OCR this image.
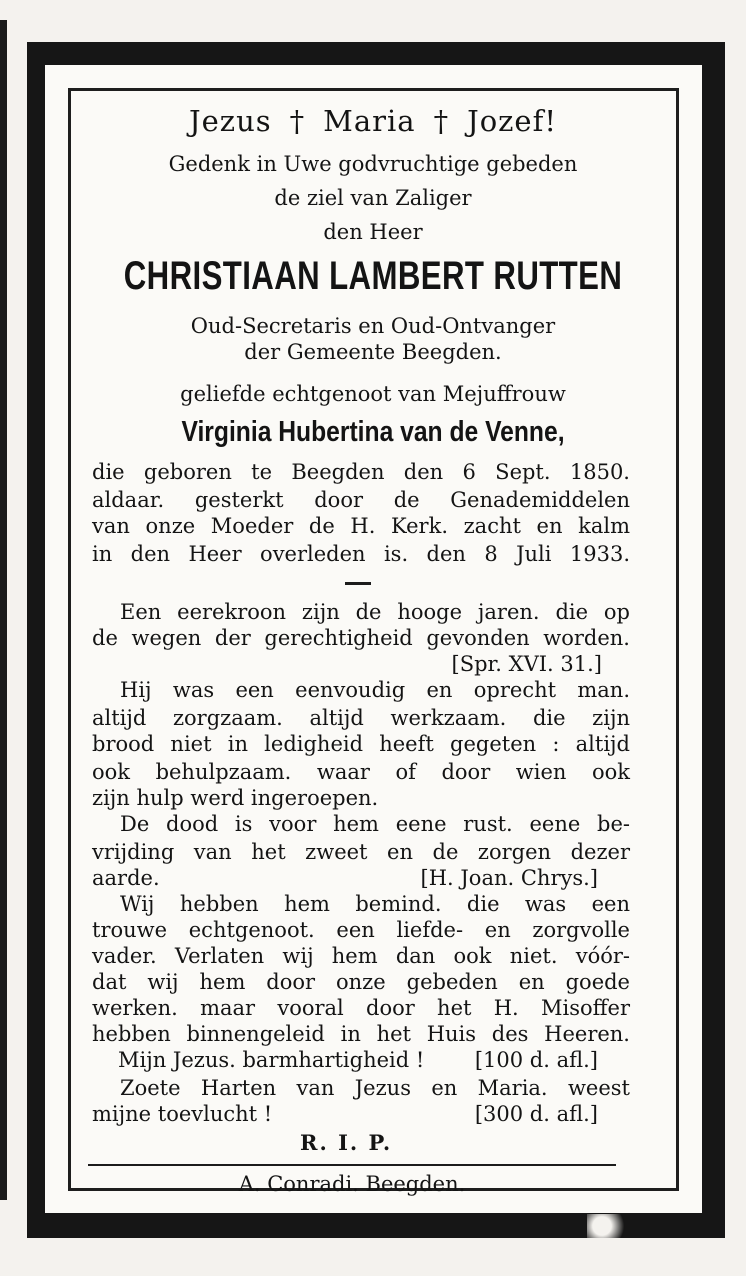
Jezus † Maria † Jozef!
Gedenk in Uwe godvruchtige gebeden
de ziel van Zaliger
den Heer
CHRISTIAAN LAMBERT RUTTEN
Oud-Secretaris en Oud-Ontvanger
der Gemeente Beegden.
geliefde echtgenoot van Mejuffrouw
Virginia Hubertina van de Venne,
die geboren te Beegden den 6 Sept. 1850.
aldaar. gesterkt door de Genademiddelen
van onze Moeder de H. Kerk. zacht en kalm
in den Heer overleden is. den 8 Juli 1933.
Een eerekroon zijn de hooge jaren. die op
de wegen der gerechtigheid gevonden worden.
[Spr. XVI. 31.]
Hij was een eenvoudig en oprecht man.
altijd zorgzaam. altijd werkzaam. die zijn
brood niet in ledigheid heeft gegeten : altijd
ook behulpzaam. waar of door wien ook
zijn hulp werd ingeroepen.
De dood is voor hem eene rust. eene be-
vrijding van het zweet en de zorgen dezer
aarde.	[H. Joan. Chrys.]
Wij hebben hem bemind. die was een
trouwe echtgenoot. een liefde- en zorgvolle
vader. Verlaten wij hem dan ook niet. vóór-
dat wij hem door onze gebeden en goede
werken. maar vooral door het H. Misoffer
hebben binnengeleid in het Huis des Heeren.
Mijn Jezus. barmhartigheid ! [100 d. afl.]
Zoete Harten van Jezus en Maria. weest
mijne toevlucht !	[300 d. afl.]
R. I. P.
A. Conradi. Beegden.
